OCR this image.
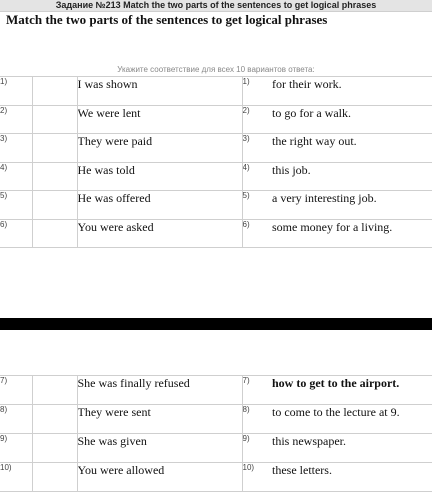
Задание №213 Match the two parts of the sentences to get logical phrases
Match the two parts of the sentences to get logical phrases
Укажите соответствие для всех 10 вариантов ответа:
1)		I was shown	1)	for their work.
2)		We were lent	2)	to go for a walk.
3)		They were paid	3)	the right way out.
4)		He was told	4)	this job.
5)		He was offered	5)	a very interesting job.
6)		You were asked	6)	some money for a living.
7)		She was finally refused	7)	how to get to the airport.
8)		They were sent	8)	to come to the lecture at 9.
9)		She was given	9)	this newspaper.
10)		You were allowed	10)	these letters.
